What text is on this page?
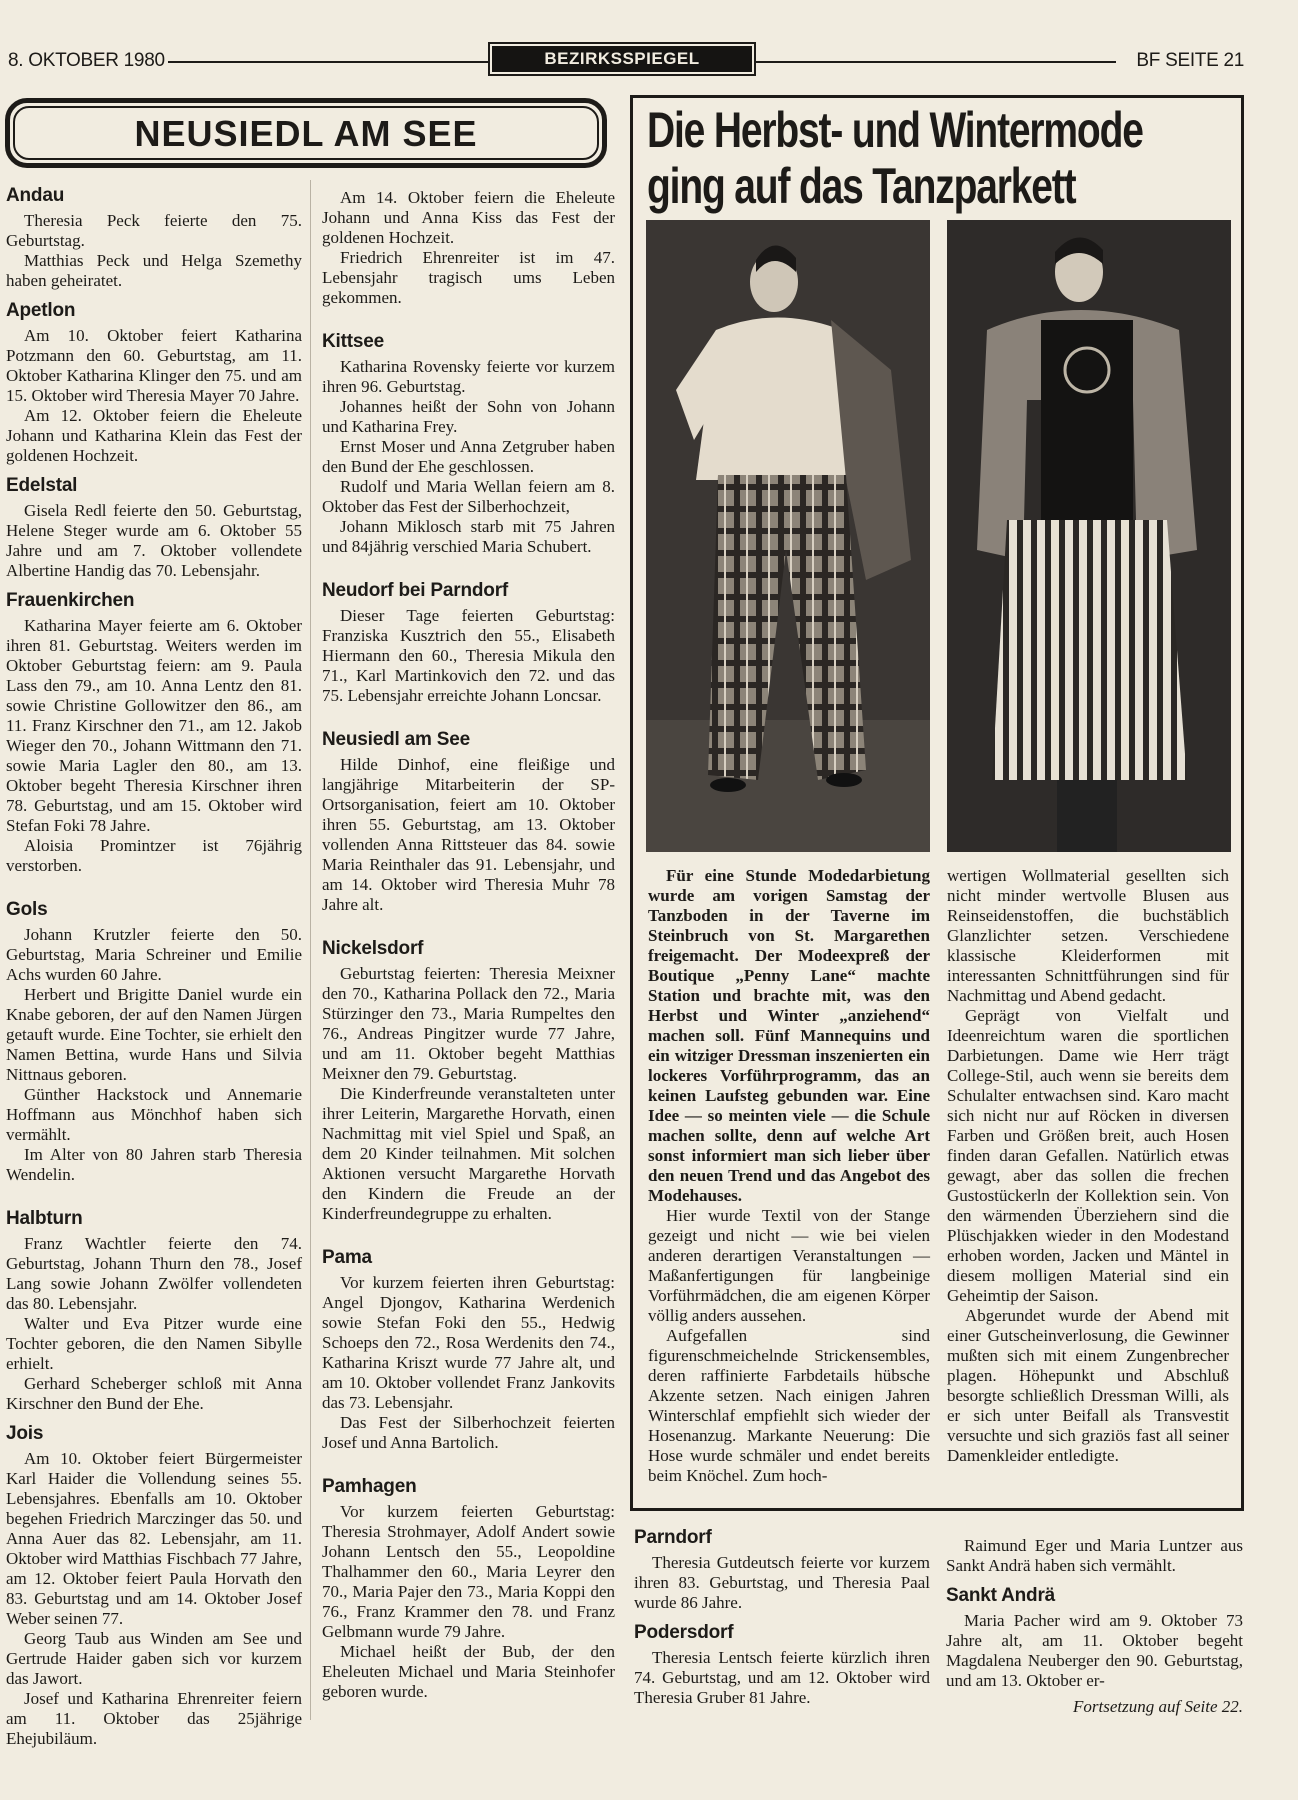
8. OKTOBER 1980	BEZIRKSSPIEGEL	BF SEITE 21
NEUSIEDL AM SEE
Andau

Theresia Peck feierte den 75. Geburtstag.

Matthias Peck und Helga Szemethy haben geheiratet.

Apetlon

Am 10. Oktober feiert Katharina Potzmann den 60. Geburtstag, am 11. Oktober Katharina Klinger den 75. und am 15. Oktober wird Theresia Mayer 70 Jahre.

Am 12. Oktober feiern die Eheleute Johann und Katharina Klein das Fest der goldenen Hochzeit.

Edelstal

Gisela Redl feierte den 50. Geburtstag, Helene Steger wurde am 6. Oktober 55 Jahre und am 7. Oktober vollendete Albertine Handig das 70. Lebensjahr.

Frauenkirchen

Katharina Mayer feierte am 6. Oktober ihren 81. Geburtstag. Weiters werden im Oktober Geburtstag feiern: am 9. Paula Lass den 79., am 10. Anna Lentz den 81. sowie Christine Gollowitzer den 86., am 11. Franz Kirschner den 71., am 12. Jakob Wieger den 70., Johann Wittmann den 71. sowie Maria Lagler den 80., am 13. Oktober begeht Theresia Kirschner ihren 78. Geburtstag, und am 15. Oktober wird Stefan Foki 78 Jahre.

Aloisia Promintzer ist 76jährig verstorben.

Gols

Johann Krutzler feierte den 50. Geburtstag, Maria Schreiner und Emilie Achs wurden 60 Jahre.

Herbert und Brigitte Daniel wurde ein Knabe geboren, der auf den Namen Jürgen getauft wurde. Eine Tochter, sie erhielt den Namen Bettina, wurde Hans und Silvia Nittnaus geboren.

Günther Hackstock und Annemarie Hoffmann aus Mönchhof haben sich vermählt.

Im Alter von 80 Jahren starb Theresia Wendelin.

Halbturn

Franz Wachtler feierte den 74. Geburtstag, Johann Thurn den 78., Josef Lang sowie Johann Zwölfer vollendeten das 80. Lebensjahr.

Walter und Eva Pitzer wurde eine Tochter geboren, die den Namen Sibylle erhielt.

Gerhard Scheberger schloß mit Anna Kirschner den Bund der Ehe.

Jois

Am 10. Oktober feiert Bürgermeister Karl Haider die Vollendung seines 55. Lebensjahres. Ebenfalls am 10. Oktober begehen Friedrich Marczinger das 50. und Anna Auer das 82. Lebensjahr, am 11. Oktober wird Matthias Fischbach 77 Jahre, am 12. Oktober feiert Paula Horvath den 83. Geburtstag und am 14. Oktober Josef Weber seinen 77.

Georg Taub aus Winden am See und Gertrude Haider gaben sich vor kurzem das Jawort.

Josef und Katharina Ehrenreiter feiern am 11. Oktober das 25jährige Ehejubiläum.

Am 14. Oktober feiern die Eheleute Johann und Anna Kiss das Fest der goldenen Hochzeit.

Friedrich Ehrenreiter ist im 47. Lebensjahr tragisch ums Leben gekommen.

Kittsee

Katharina Rovensky feierte vor kurzem ihren 96. Geburtstag.

Johannes heißt der Sohn von Johann und Katharina Frey.

Ernst Moser und Anna Zetgruber haben den Bund der Ehe geschlossen.

Rudolf und Maria Wellan feiern am 8. Oktober das Fest der Silberhochzeit,

Johann Miklosch starb mit 75 Jahren und 84jährig verschied Maria Schubert.

Neudorf bei Parndorf

Dieser Tage feierten Geburtstag: Franziska Kusztrich den 55., Elisabeth Hiermann den 60., Theresia Mikula den 71., Karl Martinkovich den 72. und das 75. Lebensjahr erreichte Johann Loncsar.

Neusiedl am See

Hilde Dinhof, eine fleißige und langjährige Mitarbeiterin der SP-Ortsorganisation, feiert am 10. Oktober ihren 55. Geburtstag, am 13. Oktober vollenden Anna Rittsteuer das 84. sowie Maria Reinthaler das 91. Lebensjahr, und am 14. Oktober wird Theresia Muhr 78 Jahre alt.

Nickelsdorf

Geburtstag feierten: Theresia Meixner den 70., Katharina Pollack den 72., Maria Stürzinger den 73., Maria Rumpeltes den 76., Andreas Pingitzer wurde 77 Jahre, und am 11. Oktober begeht Matthias Meixner den 79. Geburtstag.

Die Kinderfreunde veranstalteten unter ihrer Leiterin, Margarethe Horvath, einen Nachmittag mit viel Spiel und Spaß, an dem 20 Kinder teilnahmen. Mit solchen Aktionen versucht Margarethe Horvath den Kindern die Freude an der Kinderfreundegruppe zu erhalten.

Pama

Vor kurzem feierten ihren Geburtstag: Angel Djongov, Katharina Werdenich sowie Stefan Foki den 55., Hedwig Schoeps den 72., Rosa Werdenits den 74., Katharina Kriszt wurde 77 Jahre alt, und am 10. Oktober vollendet Franz Jankovits das 73. Lebensjahr.

Das Fest der Silberhochzeit feierten Josef und Anna Bartolich.

Pamhagen

Vor kurzem feierten Geburtstag: Theresia Strohmayer, Adolf Andert sowie Johann Lentsch den 55., Leopoldine Thalhammer den 60., Maria Leyrer den 70., Maria Pajer den 73., Maria Koppi den 76., Franz Krammer den 78. und Franz Gelbmann wurde 79 Jahre.

Michael heißt der Bub, der den Eheleuten Michael und Maria Steinhofer geboren wurde.

Die Herbst- und Wintermode
ging auf das Tanzparkett

Für eine Stunde Modedarbietung wurde am vorigen Samstag der Tanzboden in der Taverne im Steinbruch von St. Margarethen freigemacht. Der Modeexpreß der Boutique „Penny Lane“ machte Station und brachte mit, was den Herbst und Winter „anziehend“ machen soll. Fünf Mannequins und ein witziger Dressman inszenierten ein lockeres Vorführprogramm, das an keinen Laufsteg gebunden war. Eine Idee — so meinten viele — die Schule machen sollte, denn auf welche Art sonst informiert man sich lieber über den neuen Trend und das Angebot des Modehauses.

Hier wurde Textil von der Stange gezeigt und nicht — wie bei vielen anderen derartigen Veranstaltungen — Maßanfertigungen für langbeinige Vorführmädchen, die am eigenen Körper völlig anders aussehen.

Aufgefallen sind figurenschmeichelnde Strickensembles, deren raffinierte Farbdetails hübsche Akzente setzen. Nach einigen Jahren Winterschlaf empfiehlt sich wieder der Hosenanzug. Markante Neuerung: Die Hose wurde schmäler und endet bereits beim Knöchel. Zum hoch-

wertigen Wollmaterial gesellten sich nicht minder wertvolle Blusen aus Reinseidenstoffen, die buchstäblich Glanzlichter setzen. Verschiedene klassische Kleiderformen mit interessanten Schnittführungen sind für Nachmittag und Abend gedacht.

Geprägt von Vielfalt und Ideenreichtum waren die sportlichen Darbietungen. Dame wie Herr trägt College-Stil, auch wenn sie bereits dem Schulalter entwachsen sind. Karo macht sich nicht nur auf Röcken in diversen Farben und Größen breit, auch Hosen finden daran Gefallen. Natürlich etwas gewagt, aber das sollen die frechen Gustostückerln der Kollektion sein. Von den wärmenden Überziehern sind die Plüschjakken wieder in den Modestand erhoben worden, Jacken und Mäntel in diesem molligen Material sind ein Geheimtip der Saison.

Abgerundet wurde der Abend mit einer Gutscheinverlosung, die Gewinner mußten sich mit einem Zungenbrecher plagen. Höhepunkt und Abschluß besorgte schließlich Dressman Willi, als er sich unter Beifall als Transvestit versuchte und sich graziös fast all seiner Damenkleider entledigte.

Parndorf

Theresia Gutdeutsch feierte vor kurzem ihren 83. Geburtstag, und Theresia Paal wurde 86 Jahre.

Podersdorf

Theresia Lentsch feierte kürzlich ihren 74. Geburtstag, und am 12. Oktober wird Theresia Gruber 81 Jahre.

Raimund Eger und Maria Luntzer aus Sankt Andrä haben sich vermählt.

Sankt Andrä

Maria Pacher wird am 9. Oktober 73 Jahre alt, am 11. Oktober begeht Magdalena Neuberger den 90. Geburtstag, und am 13. Oktober er-

Fortsetzung auf Seite 22.
